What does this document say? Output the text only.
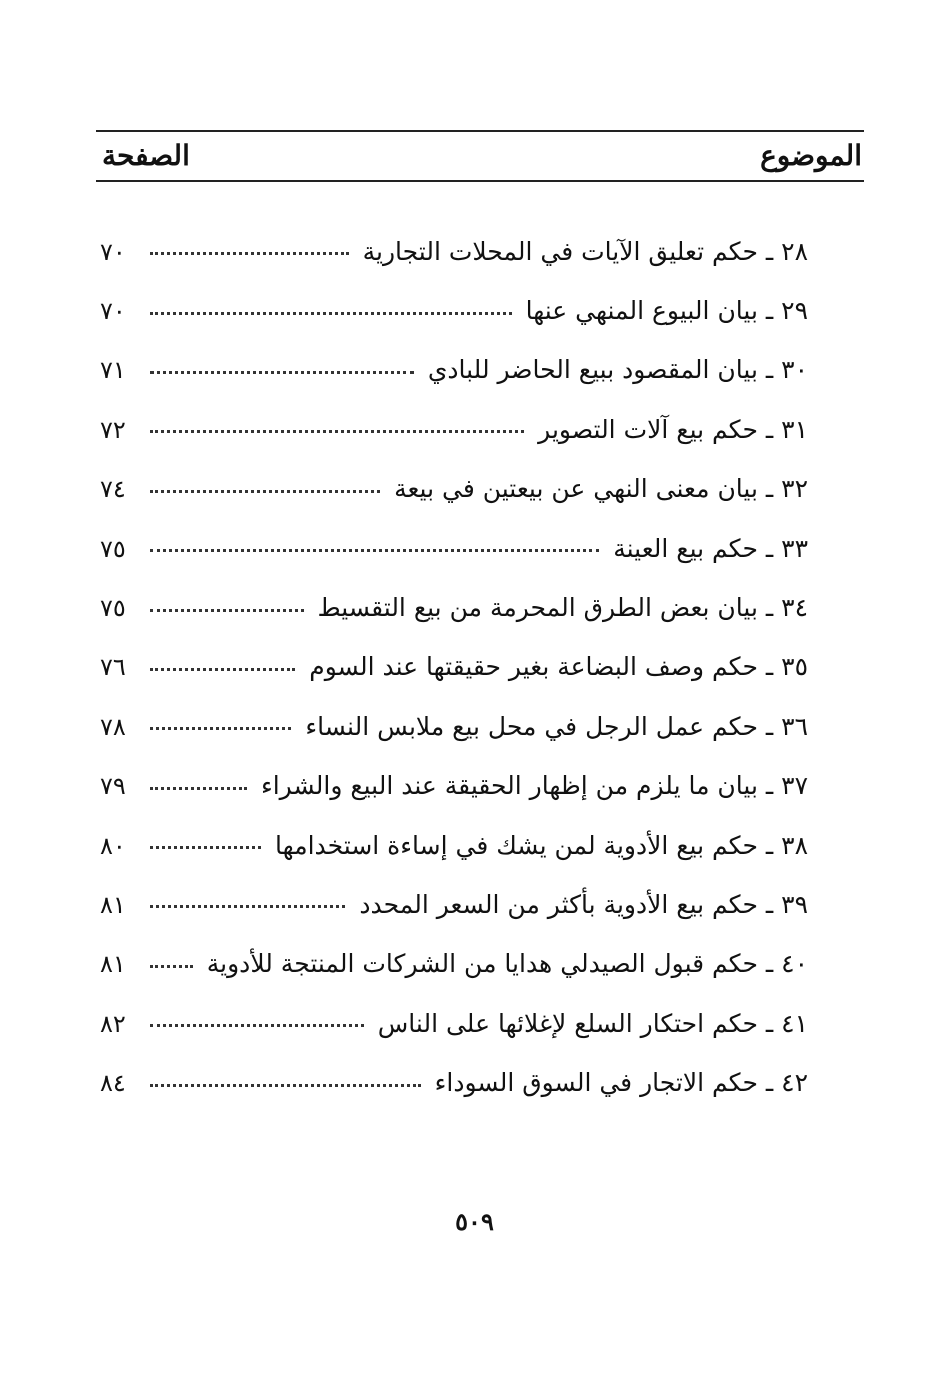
الموضوع
الصفحة
٢٨ ـ حكم تعليق الآيات في المحلات التجارية
٧٠
٢٩ ـ بيان البيوع المنهي عنها
٧٠
٣٠ ـ بيان المقصود ببيع الحاضر للبادي
٧١
٣١ ـ حكم بيع آلات التصوير
٧٢
٣٢ ـ بيان معنى النهي عن بيعتين في بيعة
٧٤
٣٣ ـ حكم بيع العينة
٧٥
٣٤ ـ بيان بعض الطرق المحرمة من بيع التقسيط
٧٥
٣٥ ـ حكم وصف البضاعة بغير حقيقتها عند السوم
٧٦
٣٦ ـ حكم عمل الرجل في محل بيع ملابس النساء
٧٨
٣٧ ـ بيان ما يلزم من إظهار الحقيقة عند البيع والشراء
٧٩
٣٨ ـ حكم بيع الأدوية لمن يشك في إساءة استخدامها
٨٠
٣٩ ـ حكم بيع الأدوية بأكثر من السعر المحدد
٨١
٤٠ ـ حكم قبول الصيدلي هدايا من الشركات المنتجة للأدوية
٨١
٤١ ـ حكم احتكار السلع لإغلائها على الناس
٨٢
٤٢ ـ حكم الاتجار في السوق السوداء
٨٤
٥٠٩
